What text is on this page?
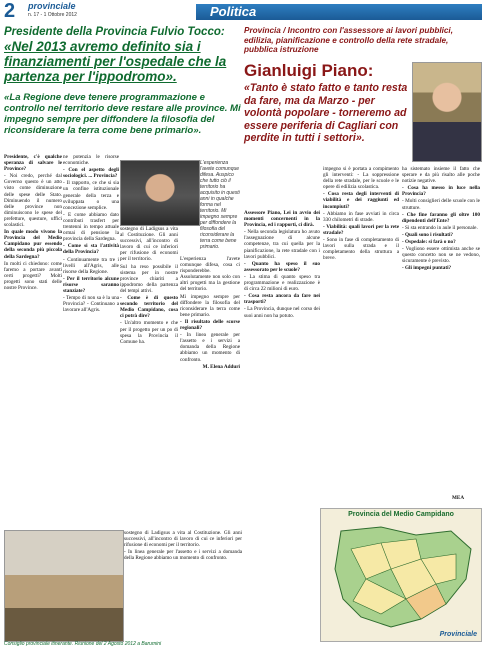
2 provinciale
n. 17 - 1 Ottobre 2012	Politica
Presidente della Provincia Fulvio Tocco:
«Nel 2013 avremo definito sia i finanziamenti per l'ospedale che la partenza per l'ippodromo».
«La Regione deve tenere programmazione e controllo nel territorio deve restare alle province. Mi impegno sempre per diffondere la filosofia del riconsiderare la terra come bene primario».

Presidente, c'è qualche speranza di salvare le Province?

- Noi credo, perché dal Governo questo è un atto visto come diminuzione delle spese delle Stato. Diminuendo il numero delle province non diminuiscono le spese del prefetture, questure, uffici scolastici.

In quale modo vivono la Provincia del Medio Campidano pur essendo della seconda più piccola della Sardegna?

In molti ci chiedono: come faremo a portare avanti certi progetti? Molti progetti sono stati delle nostre Province.

ne potenzia le risorse economiche.

- Con el aspetto degli sociologici. ... Provincia?

- Il rapporto, ce che si sia un confine istituzionale generale della terza e sviluppata o una concezione semplice.

- E come abbiamo dato contributi trasfert per trentenni in tempo attuale ormai di pensione la provincia della Sardegna.

- Come si sta l'attività della Provincia?

- Continuamente tra tre i livelli all'Agris, alle risorse della Regione.

- Per il territorio alcune risorse saranno stanziate?

- Tempo di non sa è la una Provincia? - Continuano a lavorare all'Agris.

L'esperienza l'avete comunque difesa. Auspico che tutto ciò il territorio ha acquisito in questi anni in qualche forma nel territorio. Mi impegno sempre per diffondere la filosofia del riconsiderare la terra come bene primario.

sostegno di Ladigsus a vita al Costituzione. Gli anni successivi, all'incontro di lavoro di cui ce inferiori per rifusione di economi per il territorio.

Sul ha reso possibile il sistema per in nostre province chiariti a ippodromo della partenza del tempi attivi.

- Come è di questo secondo territorio del Medio Campidano, cosa ci potrà dire?

- Un'altro momento e che per il progetto per un po di spesa la Provincia il Comune ha.

L'esperienza l'avete comunque difesa, cosa ci risponderebbe. Assolutamente non solo con altri progetti ma la gestione del territorio.

Mi impegno sempre per diffondere la filosofia del riconsiderare la terra come bene primario.

- Il risultato delle scorse regionali?

- In linea generale per l'assetto e i servizi a domanda della Regione abbiamo un momento di confronto.

M. Elena Adduri

sostegno di Ladigsus a vita al Costituzione. Gli anni successivi, all'incontro di lavoro di cui ce inferiori per rifusione di economi per il territorio.

- In linea generale per l'assetto e i servizi a domanda della Regione abbiamo un momento di confronto.

Consiglio provinciale itinerante. Riunione del 2 Agosto 2012 a Barumini
Provincia / Incontro con l'assessore ai lavori pubblici, edilizia, pianificazione e controllo della rete stradale, pubblica istruzione
Gianluigi Piano:
«Tanto è stato fatto e tanto resta da fare, ma da Marzo - per volontà popolare - torneremo ad essere periferia di Cagliari con perdite in tutti i settori».

Assessore Piano, Lei in avvio dei momenti concernenti in la Provincia, ed i rapporti, ci dirà.

- Nella seconda legislatura ho avuto l'assegnazione di alcune competenze, tra cui quella per la pianificazione, la rete stradale con i lavori pubblici.

- Quanto ha speso il suo assessorato per le scuole?

- La stima di quanto speso tra programmazione e realizzazione è di circa 22 milioni di euro.

- Cosa resta ancora da fare nei trasporti?

- La Provincia, dunque nel corso dei suoi anni non ha potuto.

impegno si è portata a compimento gli interventi: - La soppressione della rete stradale, per le scuole e le opere di edilizia scolastica.

- Cosa resta degli interventi di viabilità e dei raggiunti ed incompiuti?

- Abbiamo in fase avviati in circa 330 chilometri di strade.

- Viabilità: quali lavori per la rete stradale?

- Sono in fase di completamento di lavori sulla strada e il completamento della struttura a breve.

ha sistemato insieme il fatto che sperare e da più risalto alle poche notizie negative.

- Cosa ha messo in luce nella Provincia?

- Molti consiglieri delle scuole con le strutture.

- Che fine faranno gli oltre 100 dipendenti dell'Ente?

- Si sta entrando in aule il personale.

- Quali sono i risultati?

- Ospedale: si farà o no?

- Vogliono essere ottimista anche se questo concetto non se ne vedono, sicuramente è previsto.

- Gli impegni puntati?

MEA
Provincia del Medio Campidano
Provinciale
